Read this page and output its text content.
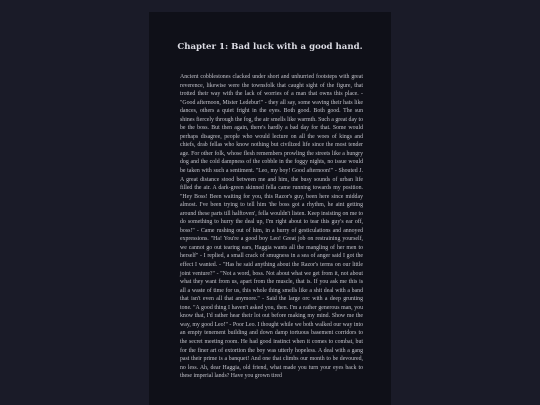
Chapter 1: Bad luck with a good hand.

Ancient cobblestones clacked under short and unhurried footsteps with great reverence, likewise were the townsfolk that caught sight of the figure, that trotted their way with the lack of worries of a man that owns this place. -"Good afternoon, Mister Ledebur!" - they all say, some waving their hats like dances, others a quiet fright in the eyes. Both good. Both good. The sun shines fiercely through the fog, the air smells like warmth. Such a great day to be the boss. But then again, there's hardly a bad day for that. Some would perhaps disagree, people who would lecture on all the woes of kings and chiefs, drab fellas who know nothing but civilized life since the most tender age. For other folk, whose flesh remembers prowling the streets like a hungry dog and the cold dampness of the cobble in the foggy nights, no issue would be taken with such a sentiment. "Leo, my boy! Good afternoon!" - Shouted J. A great distance stood between me and him, the busy sounds of urban life filled the air. A dark-green skinned fella came running towards my position. "Hey Boss! Been waiting for you, this Razor's guy, been here since midday almost. I've been trying to tell him 'the boss got a rhythm, he aint getting around these parts till halftoven', fella wouldn't listen. Keep insisting on me to do something to hurry the deal up, I'm right about to tear this guy's ear off, boss!" - Came rushing out of him, in a hurry of gesticulations and annoyed expressions. "Ha! You're a good boy Leo! Great job on restraining yourself, we cannot go out tearing ears, Haggia wants all the mangling of her men to herself" - I replied, a small crack of smugness in a sea of anger said I got the effect I wanted. - "Has he said anything about the Razor's terms on our little joint venture?" - "Not a word, boss. Not about what we get from it, not about what they want from us, apart from the muscle, that is. If you ask me this is all a waste of time for us, this whole thing smells like a shit deal with a band that isn't even all that anymore." - Said the large orc with a deep grunting tone. "A good thing I haven't asked you, then. I'm a rather generous man, you know that, I'd rather hear their lot out before making my mind. Show me the way, my good Leo!" - Poor Leo. I thought while we both walked our way into an empty tenement building and down damp tortuous basement corridors to the secret meeting room. He had good instinct when it comes to combat, but for the finer art of extortion the boy was utterly hopeless. A deal with a gang past their prime is a banquet! And one that climbs our month to be devoured, no less. Ah, dear Haggia, old friend, what made you turn your eyes back to these imperial lands? Have you grown tired
